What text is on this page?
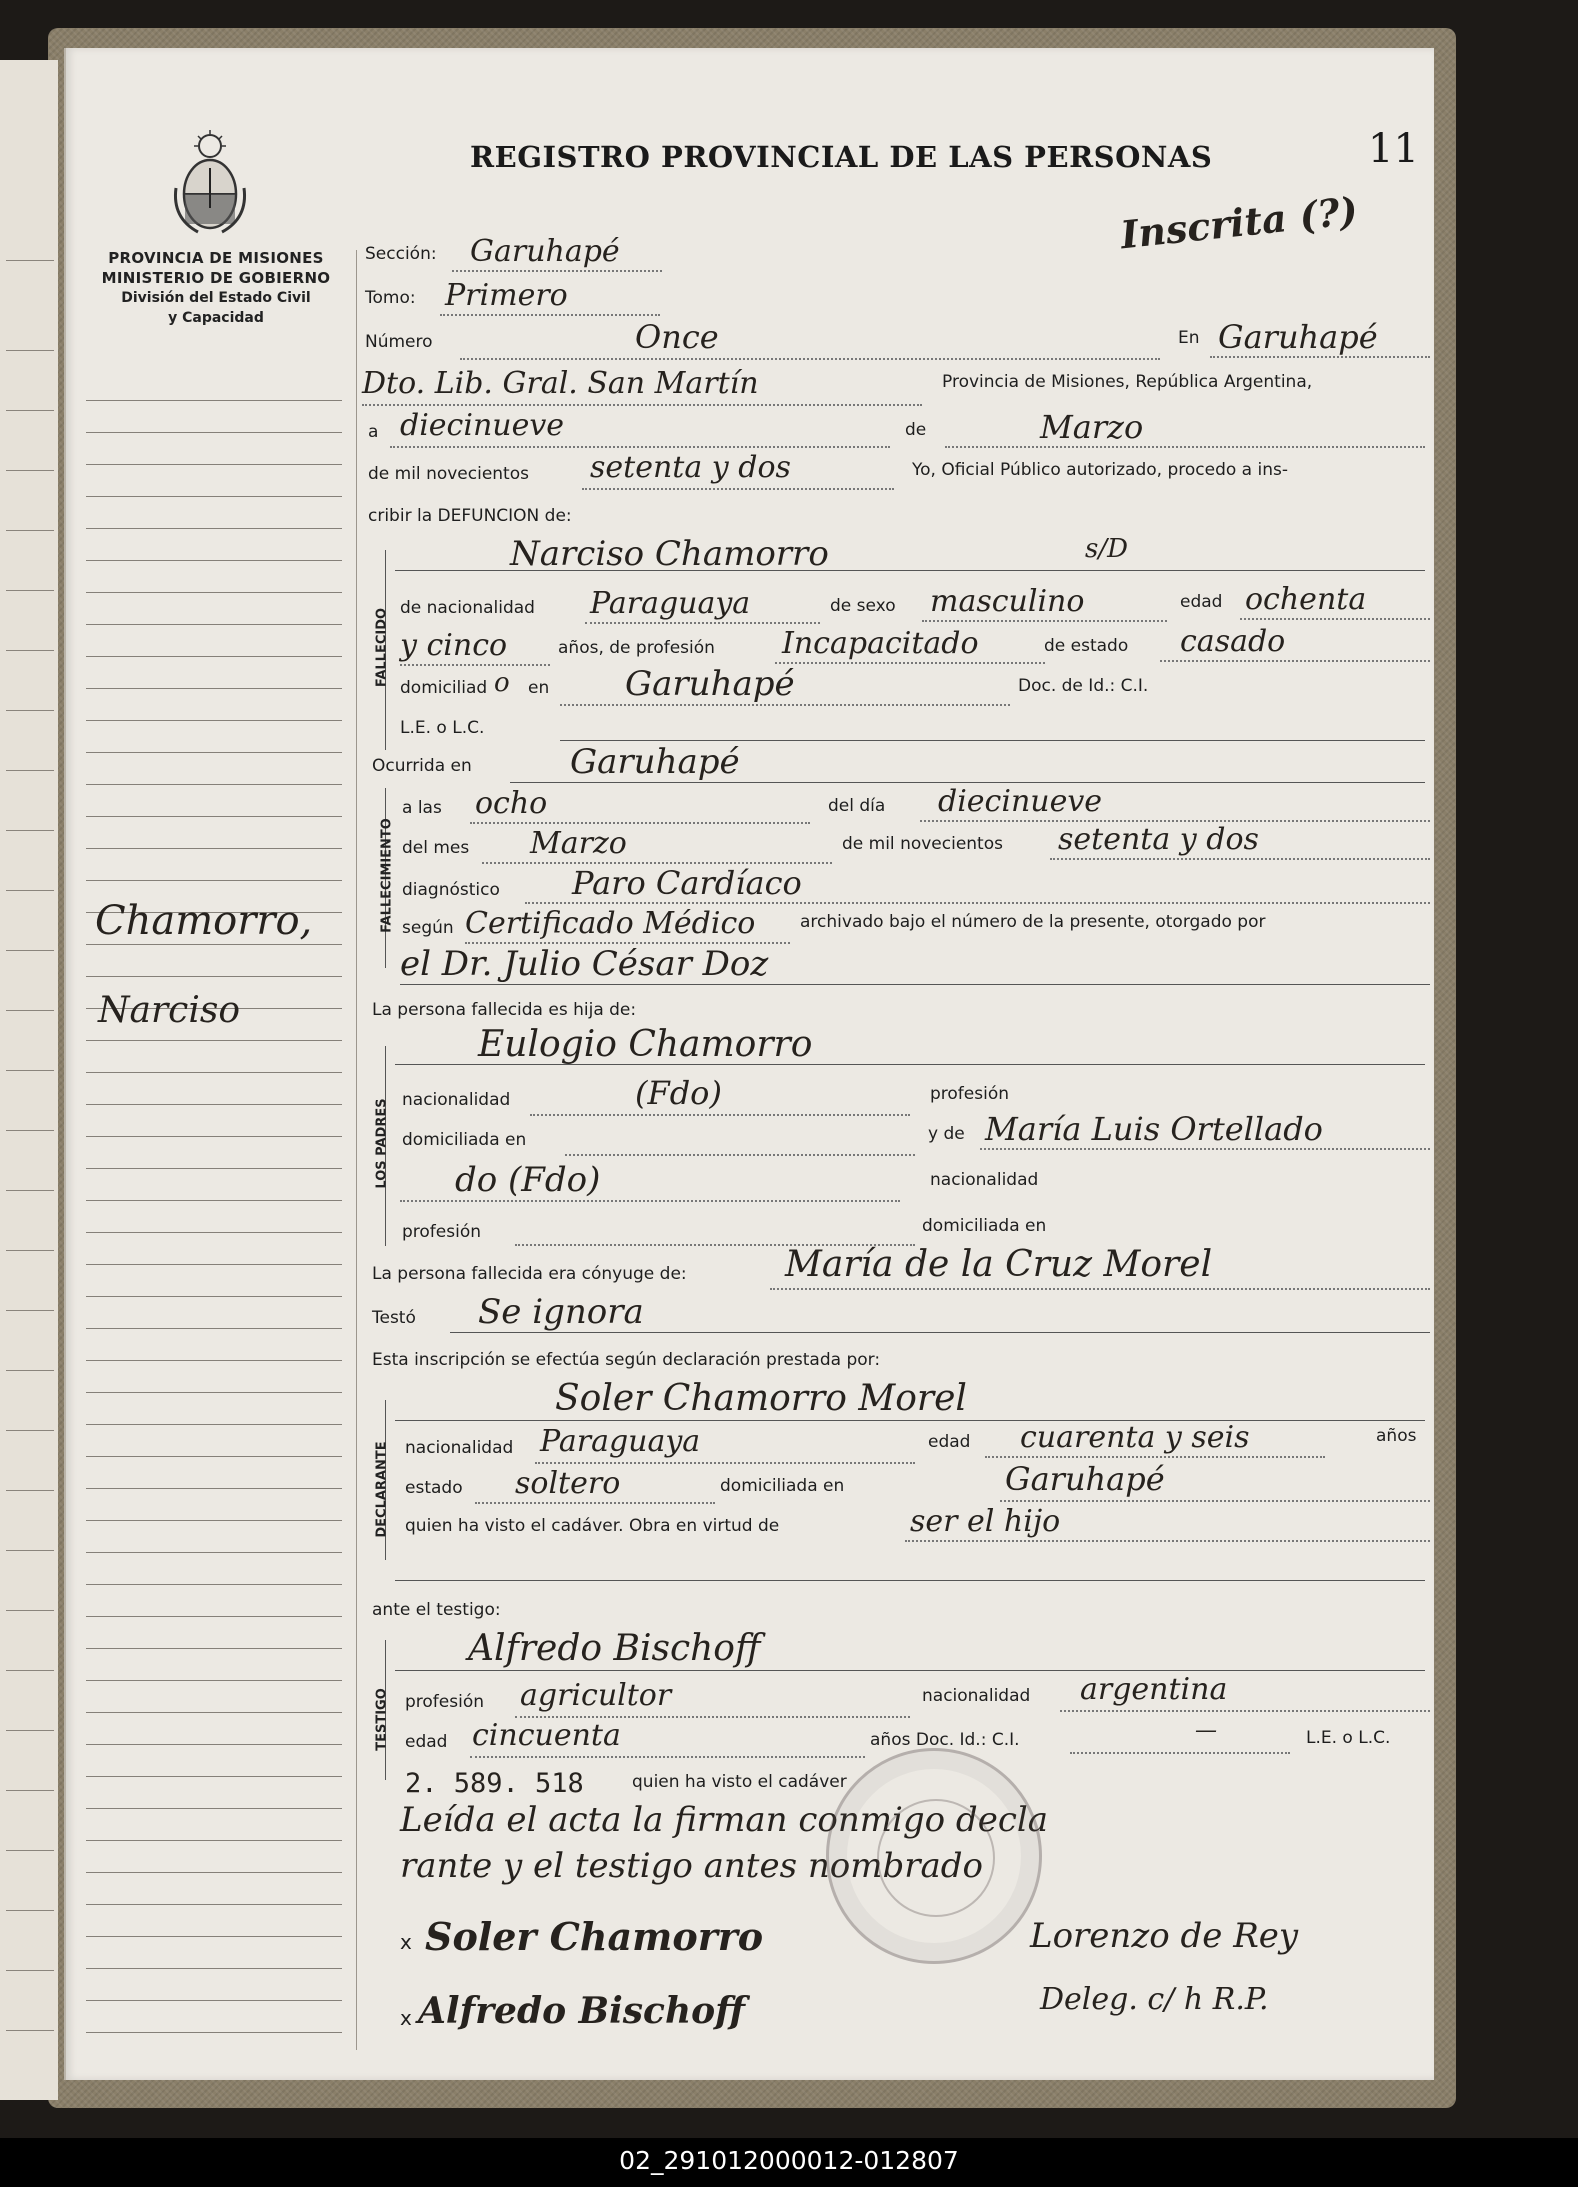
PROVINCIA DE MISIONES
MINISTERIO DE GOBIERNO
División del Estado Civil
y Capacidad
REGISTRO PROVINCIAL DE LAS PERSONAS	11
Inscrita (?)
Chamorro,
Narciso
Sección: Garuhapé
Tomo: Primero
Número	Once	En Garuhapé
Dto. Lib. Gral. San Martín	Provincia de Misiones, República Argentina,
a diecinueve	de	Marzo
de mil novecientos setenta y dos	Yo, Oficial Público autorizado, procedo a ins-
cribir la DEFUNCION de:
FALLECIDO
Narciso Chamorro	s/D
de nacionalidad Paraguaya	de sexo masculino	edad ochenta
y cinco	años, de profesión Incapacitado	de estado casado
domiciliad o en Garuhapé	Doc. de Id.: C.I.
L.E. o L.C.
Ocurrida en	Garuhapé
FALLECIMIENTO
a las ocho	del día diecinueve
del mes Marzo	de mil novecientos setenta y dos
diagnóstico Paro Cardíaco
según Certificado Médico	archivado bajo el número de la presente, otorgado por
el Dr. Julio César Doz
La persona fallecida es hija de:
LOS PADRES
Eulogio Chamorro
nacionalidad	(Fdo)	profesión
domiciliada en	y de María Luis Ortellado
do (Fdo)	nacionalidad
profesión	domiciliada en
La persona fallecida era cónyuge de:	María de la Cruz Morel
Testó Se ignora
Esta inscripción se efectúa según declaración prestada por:
DECLARANTE
Soler Chamorro Morel
nacionalidad Paraguaya	edad cuarenta y seis	años
estado soltero	domiciliada en	Garuhapé
quien ha visto el cadáver. Obra en virtud de	ser el hijo
ante el testigo:
TESTIGO
Alfredo Bischoff
profesión agricultor	nacionalidad argentina
edad cincuenta	años Doc. Id.: C.I.	—	L.E. o L.C.
2. 589. 518	quien ha visto el cadáver
Leída el acta la firman conmigo decla
rante y el testigo antes nombrado
x Soler Chamorro
x Alfredo Bischoff
Lorenzo de Rey
Deleg. c/ h R.P.
02_291012000012-012807
